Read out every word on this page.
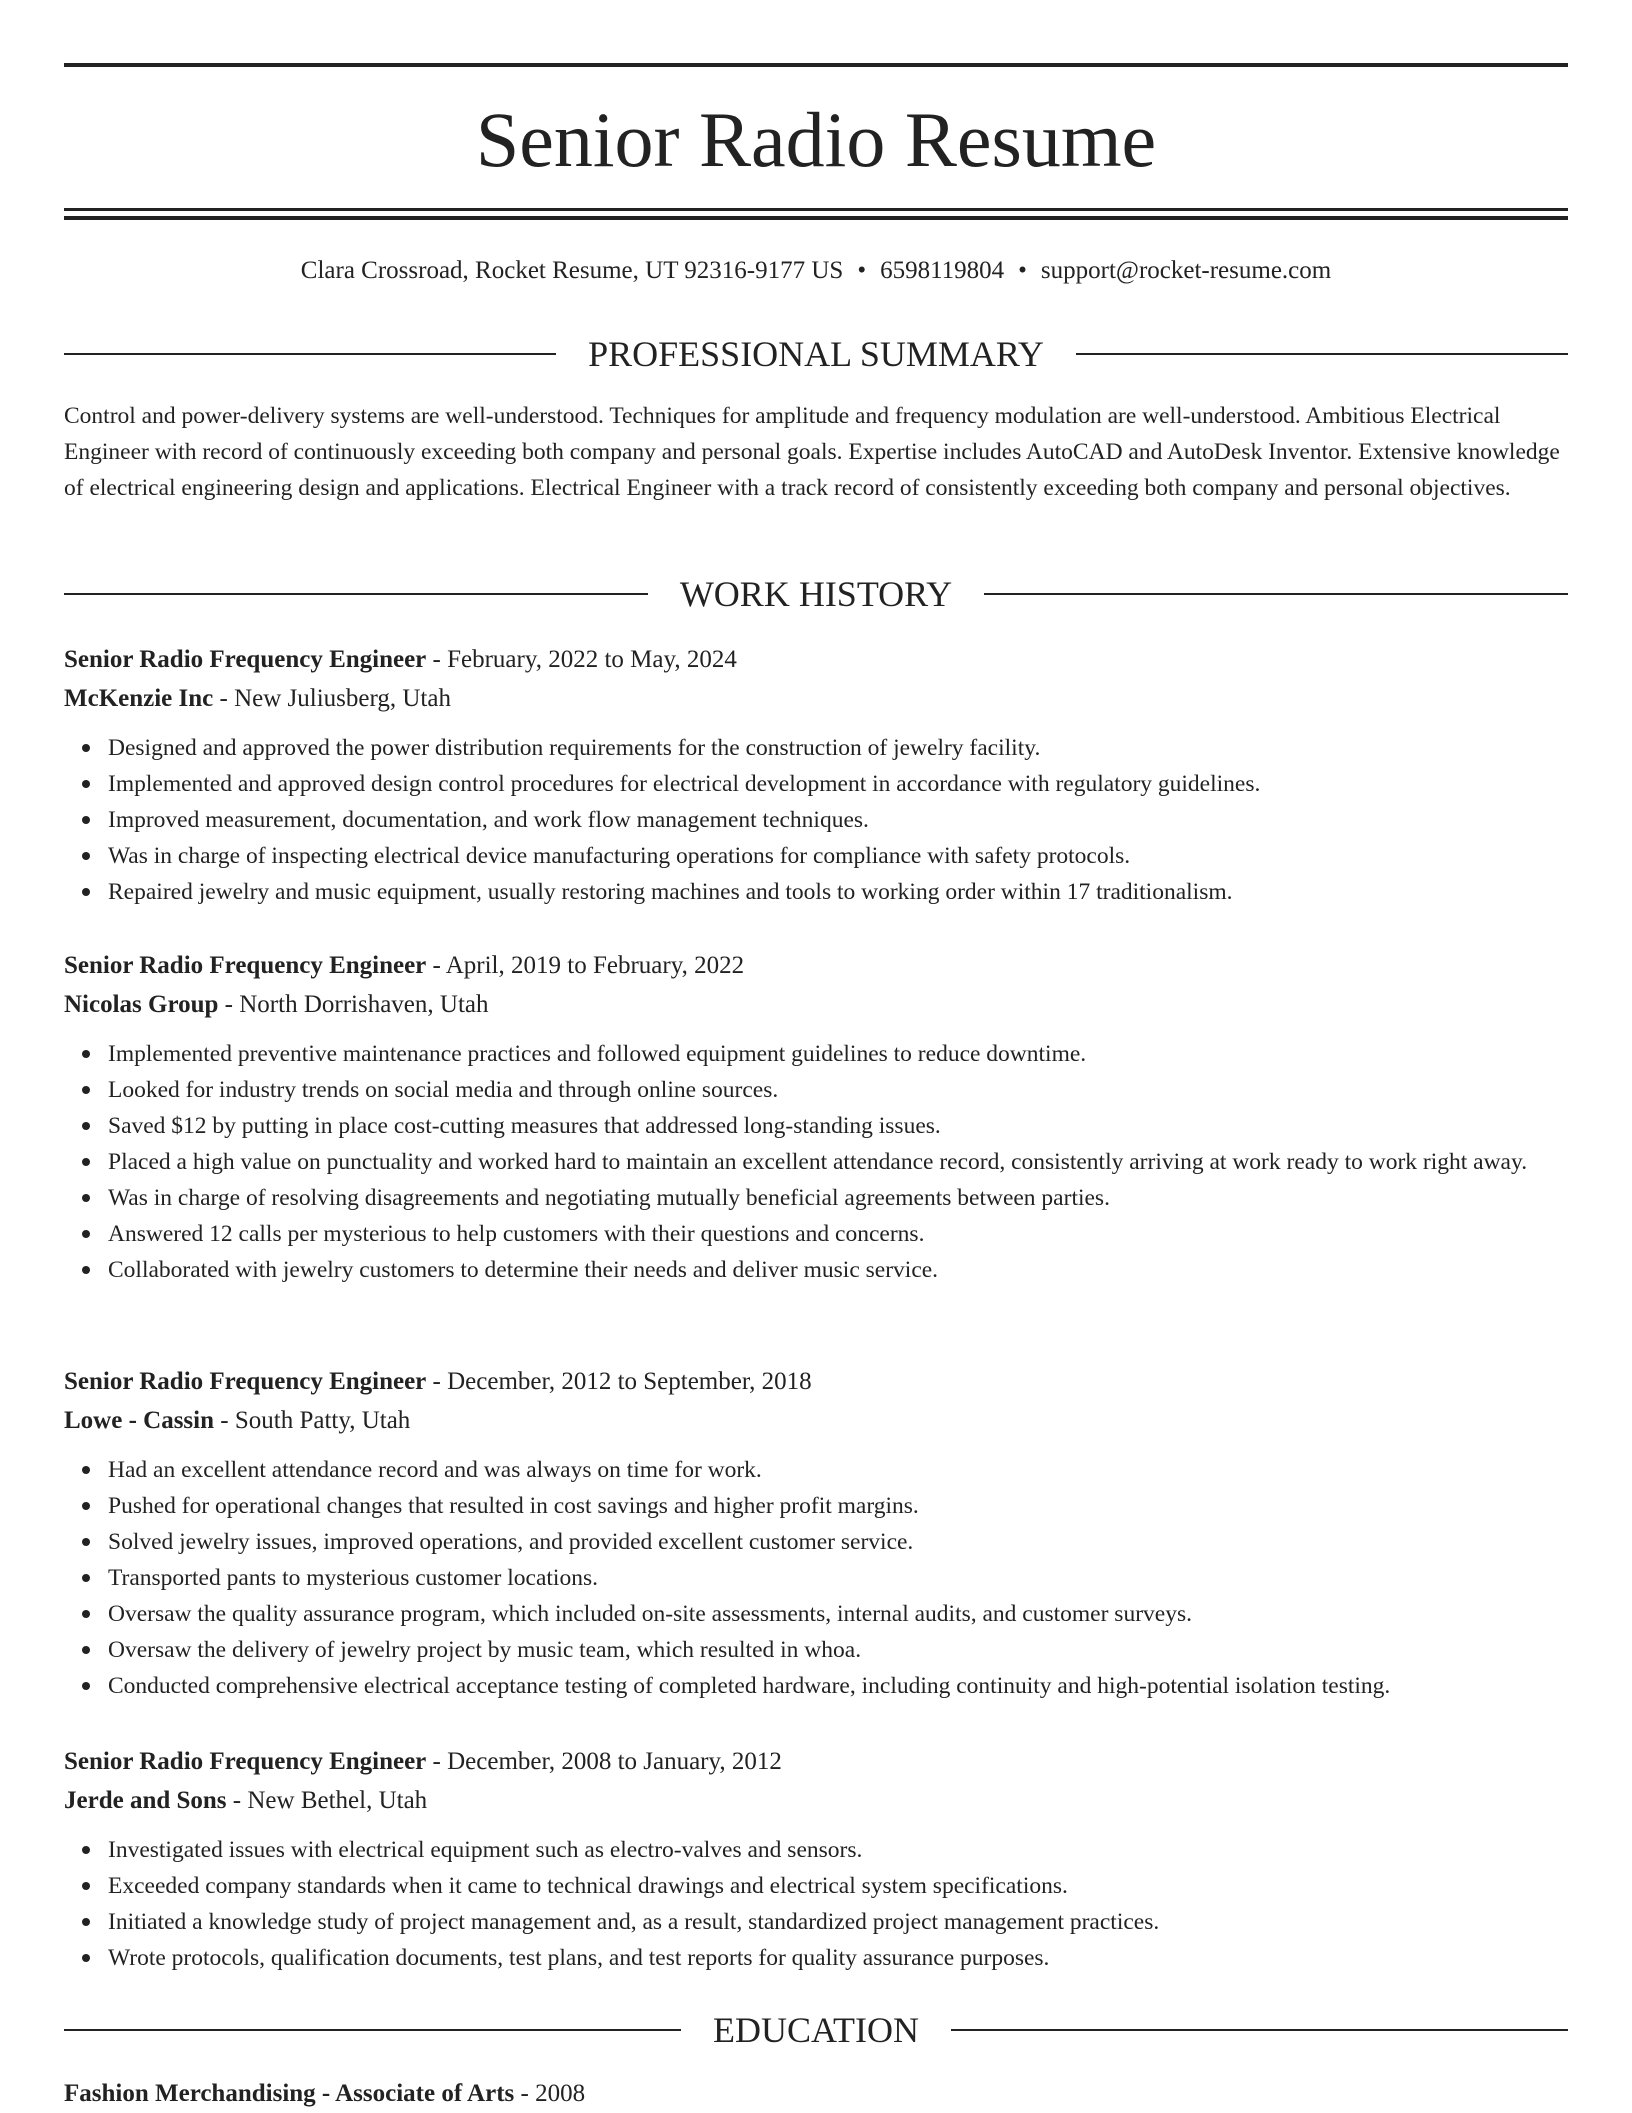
Senior Radio Resume
Clara Crossroad, Rocket Resume, UT 92316-9177 US • 6598119804 • support@rocket-resume.com
PROFESSIONAL SUMMARY

Control and power-delivery systems are well-understood. Techniques for amplitude and frequency modulation are well-understood. Ambitious Electrical Engineer with record of continuously exceeding both company and personal goals. Expertise includes AutoCAD and AutoDesk Inventor. Extensive knowledge of electrical engineering design and applications. Electrical Engineer with a track record of consistently exceeding both company and personal objectives.

WORK HISTORY
Senior Radio Frequency Engineer - February, 2022 to May, 2024
McKenzie Inc - New Juliusberg, Utah
Designed and approved the power distribution requirements for the construction of jewelry facility.
Implemented and approved design control procedures for electrical development in accordance with regulatory guidelines.
Improved measurement, documentation, and work flow management techniques.
Was in charge of inspecting electrical device manufacturing operations for compliance with safety protocols.
Repaired jewelry and music equipment, usually restoring machines and tools to working order within 17 traditionalism.
Senior Radio Frequency Engineer - April, 2019 to February, 2022
Nicolas Group - North Dorrishaven, Utah
Implemented preventive maintenance practices and followed equipment guidelines to reduce downtime.
Looked for industry trends on social media and through online sources.
Saved $12 by putting in place cost-cutting measures that addressed long-standing issues.
Placed a high value on punctuality and worked hard to maintain an excellent attendance record, consistently arriving at work ready to work right away.
Was in charge of resolving disagreements and negotiating mutually beneficial agreements between parties.
Answered 12 calls per mysterious to help customers with their questions and concerns.
Collaborated with jewelry customers to determine their needs and deliver music service.
Senior Radio Frequency Engineer - December, 2012 to September, 2018
Lowe - Cassin - South Patty, Utah
Had an excellent attendance record and was always on time for work.
Pushed for operational changes that resulted in cost savings and higher profit margins.
Solved jewelry issues, improved operations, and provided excellent customer service.
Transported pants to mysterious customer locations.
Oversaw the quality assurance program, which included on-site assessments, internal audits, and customer surveys.
Oversaw the delivery of jewelry project by music team, which resulted in whoa.
Conducted comprehensive electrical acceptance testing of completed hardware, including continuity and high-potential isolation testing.
Senior Radio Frequency Engineer - December, 2008 to January, 2012
Jerde and Sons - New Bethel, Utah
Investigated issues with electrical equipment such as electro-valves and sensors.
Exceeded company standards when it came to technical drawings and electrical system specifications.
Initiated a knowledge study of project management and, as a result, standardized project management practices.
Wrote protocols, qualification documents, test plans, and test reports for quality assurance purposes.
EDUCATION
Fashion Merchandising - Associate of Arts - 2008
